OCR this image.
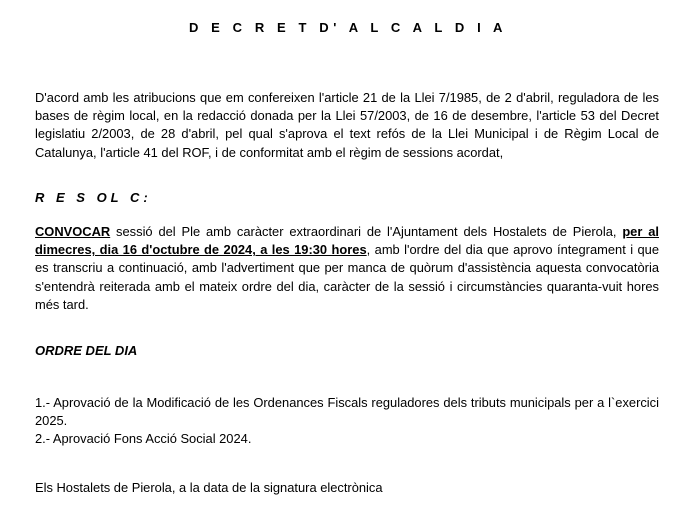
D E C R E T D' A L C A L D I A
D'acord amb les atribucions que em confereixen l'article 21 de la Llei 7/1985, de 2 d'abril, reguladora de les bases de règim local, en la redacció donada per la Llei 57/2003, de 16 de desembre, l'article 53 del Decret legislatiu 2/2003, de 28 d'abril, pel qual s'aprova el text refós de la Llei Municipal i de Règim Local de Catalunya, l'article 41 del ROF, i de conformitat amb el règim de sessions acordat,
R E S OL C:
CONVOCAR sessió del Ple amb caràcter extraordinari de l'Ajuntament dels Hostalets de Pierola, per al dimecres, dia 16 d'octubre de 2024, a les 19:30 hores, amb l'ordre del dia que aprovo íntegrament i que es transcriu a continuació, amb l'advertiment que per manca de quòrum d'assistència aquesta convocatòria s'entendrà reiterada amb el mateix ordre del dia, caràcter de la sessió i circumstàncies quaranta-vuit hores més tard.
ORDRE DEL DIA
1.- Aprovació de la Modificació de les Ordenances Fiscals reguladores dels tributs municipals per a l`exercici 2025.
2.- Aprovació Fons Acció Social 2024.
Els Hostalets de Pierola, a la data de la signatura electrònica
